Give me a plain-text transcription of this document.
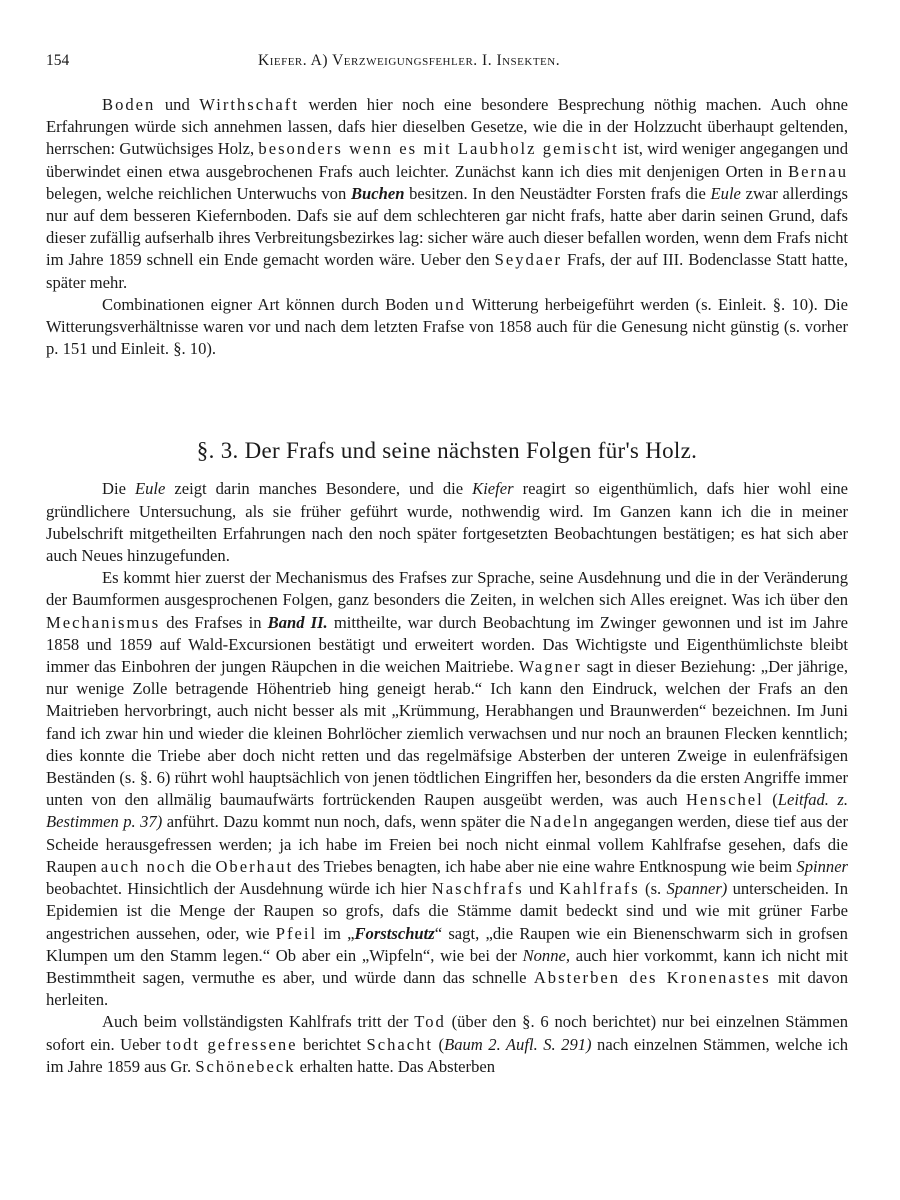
154	Kiefer. A) Verzweigungsfehler. I. Insekten.

Boden und Wirthschaft werden hier noch eine besondere Besprechung nöthig machen. Auch ohne Erfahrungen würde sich annehmen lassen, dafs hier dieselben Gesetze, wie die in der Holzzucht überhaupt geltenden, herrschen: Gutwüchsiges Holz, besonders wenn es mit Laubholz gemischt ist, wird weniger angegangen und überwindet einen etwa ausgebrochenen Frafs auch leichter. Zunächst kann ich dies mit denjenigen Orten in Bernau belegen, welche reichlichen Unterwuchs von Buchen besitzen. In den Neustädter Forsten frafs die Eule zwar allerdings nur auf dem besseren Kiefernboden. Dafs sie auf dem schlechteren gar nicht frafs, hatte aber darin seinen Grund, dafs dieser zufällig aufserhalb ihres Verbreitungsbezirkes lag: sicher wäre auch dieser befallen worden, wenn dem Frafs nicht im Jahre 1859 schnell ein Ende gemacht worden wäre. Ueber den Seydaer Frafs, der auf III. Bodenclasse Statt hatte, später mehr.

Combinationen eigner Art können durch Boden und Witterung herbeigeführt werden (s. Einleit. §. 10). Die Witterungsverhältnisse waren vor und nach dem letzten Frafse von 1858 auch für die Genesung nicht günstig (s. vorher p. 151 und Einleit. §. 10).

§. 3. Der Frafs und seine nächsten Folgen für's Holz.

Die Eule zeigt darin manches Besondere, und die Kiefer reagirt so eigenthümlich, dafs hier wohl eine gründlichere Untersuchung, als sie früher geführt wurde, nothwendig wird. Im Ganzen kann ich die in meiner Jubelschrift mitgetheilten Erfahrungen nach den noch später fortgesetzten Beobachtungen bestätigen; es hat sich aber auch Neues hinzugefunden.

Es kommt hier zuerst der Mechanismus des Frafses zur Sprache, seine Ausdehnung und die in der Veränderung der Baumformen ausgesprochenen Folgen, ganz besonders die Zeiten, in welchen sich Alles ereignet. Was ich über den Mechanismus des Frafses in Band II. mittheilte, war durch Beobachtung im Zwinger gewonnen und ist im Jahre 1858 und 1859 auf Wald-Excursionen bestätigt und erweitert worden. Das Wichtigste und Eigenthümlichste bleibt immer das Einbohren der jungen Räupchen in die weichen Maitriebe. Wagner sagt in dieser Beziehung: „Der jährige, nur wenige Zolle betragende Höhentrieb hing geneigt herab.“ Ich kann den Eindruck, welchen der Frafs an den Maitrieben hervorbringt, auch nicht besser als mit „Krümmung, Herabhangen und Braunwerden“ bezeichnen. Im Juni fand ich zwar hin und wieder die kleinen Bohrlöcher ziemlich verwachsen und nur noch an braunen Flecken kenntlich; dies konnte die Triebe aber doch nicht retten und das regelmäfsige Absterben der unteren Zweige in eulenfräfsigen Beständen (s. §. 6) rührt wohl hauptsächlich von jenen tödtlichen Eingriffen her, besonders da die ersten Angriffe immer unten von den allmälig baumaufwärts fortrückenden Raupen ausgeübt werden, was auch Henschel (Leitfad. z. Bestimmen p. 37) anführt. Dazu kommt nun noch, dafs, wenn später die Nadeln angegangen werden, diese tief aus der Scheide herausgefressen werden; ja ich habe im Freien bei noch nicht einmal vollem Kahlfrafse gesehen, dafs die Raupen auch noch die Oberhaut des Triebes benagten, ich habe aber nie eine wahre Entknospung wie beim Spinner beobachtet. Hinsichtlich der Ausdehnung würde ich hier Naschfrafs und Kahlfrafs (s. Spanner) unterscheiden. In Epidemien ist die Menge der Raupen so grofs, dafs die Stämme damit bedeckt sind und wie mit grüner Farbe angestrichen aussehen, oder, wie Pfeil im „Forstschutz“ sagt, „die Raupen wie ein Bienenschwarm sich in grofsen Klumpen um den Stamm legen.“ Ob aber ein „Wipfeln“, wie bei der Nonne, auch hier vorkommt, kann ich nicht mit Bestimmtheit sagen, vermuthe es aber, und würde dann das schnelle Absterben des Kronenastes mit davon herleiten.

Auch beim vollständigsten Kahlfrafs tritt der Tod (über den §. 6 noch berichtet) nur bei einzelnen Stämmen sofort ein. Ueber todt gefressene berichtet Schacht (Baum 2. Aufl. S. 291) nach einzelnen Stämmen, welche ich im Jahre 1859 aus Gr. Schönebeck erhalten hatte. Das Absterben
